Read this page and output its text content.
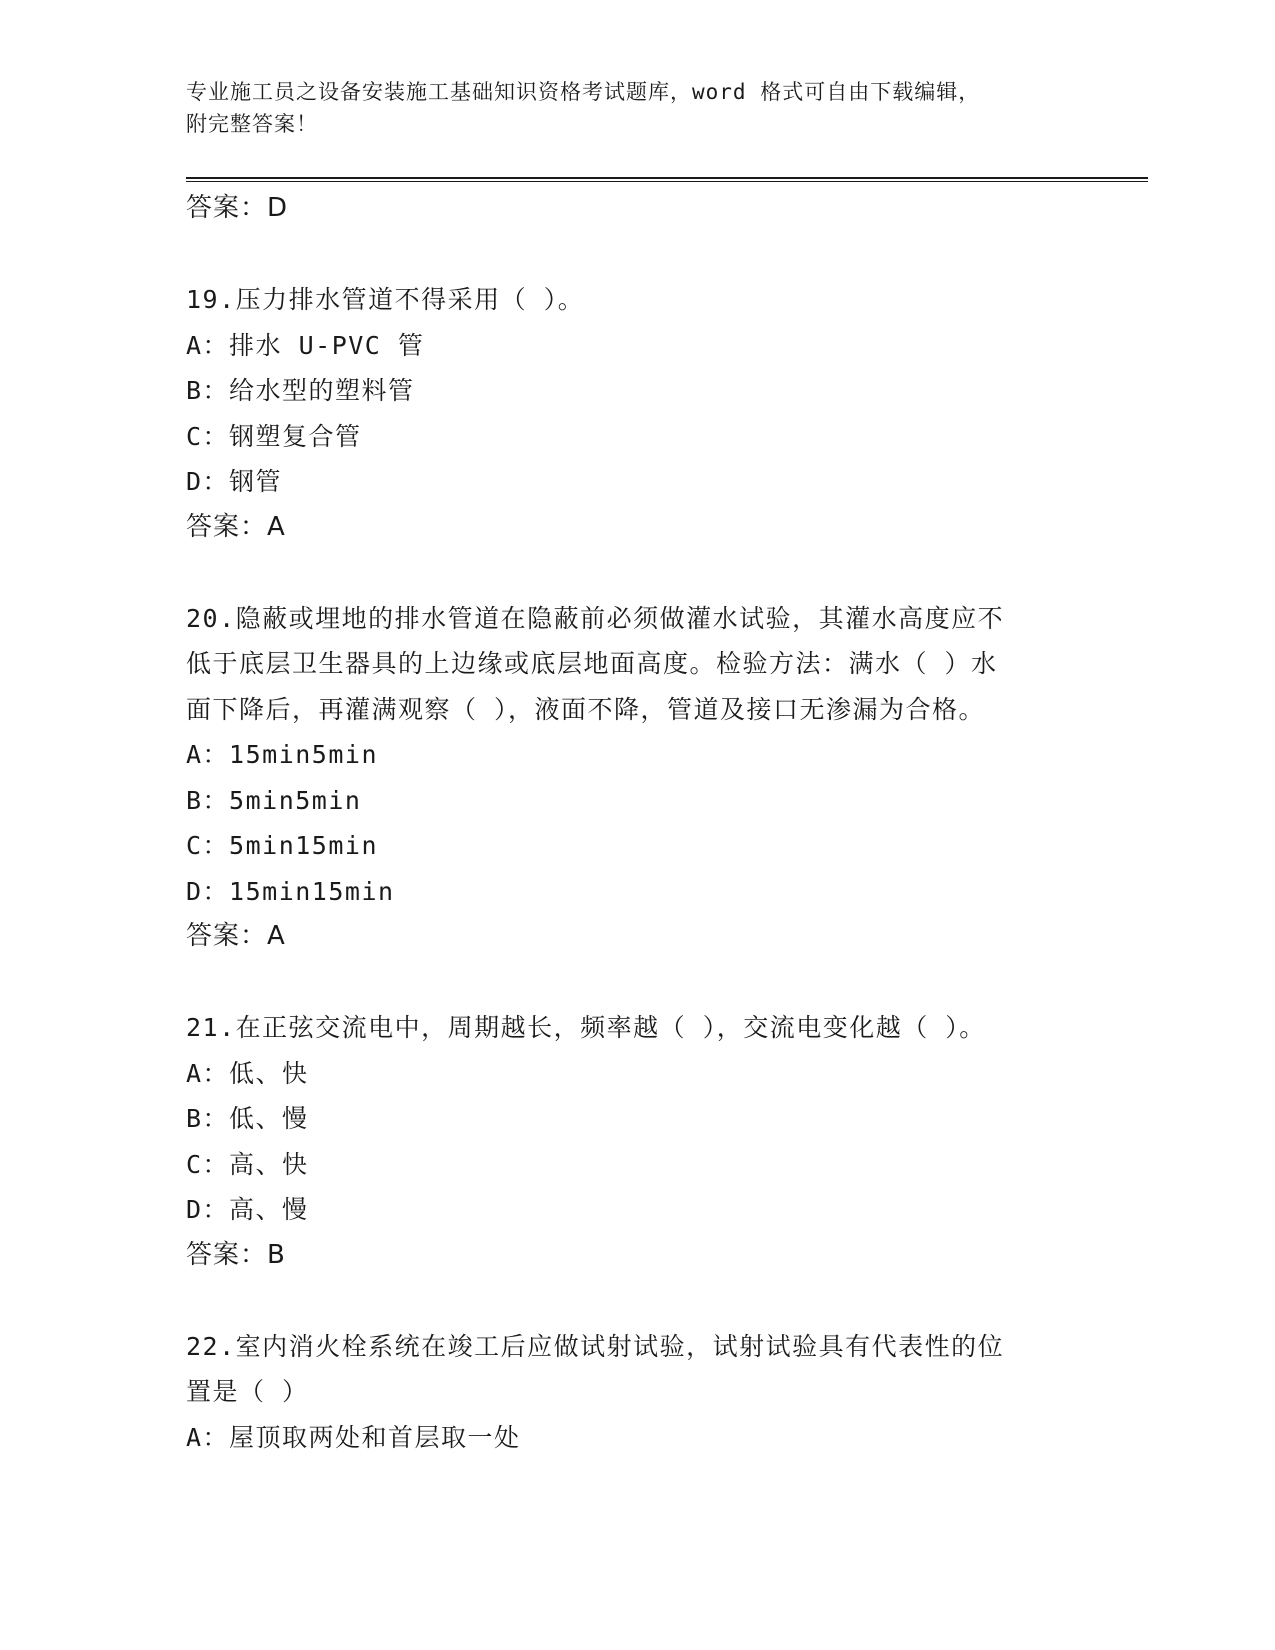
专业施工员之设备安装施工基础知识资格考试题库，word 格式可自由下载编辑，
附完整答案！
答案：D
19.压力排水管道不得采用（ ）。
A：排水 U-PVC 管
B：给水型的塑料管
C：钢塑复合管
D：钢管
答案：A
20.隐蔽或埋地的排水管道在隐蔽前必须做灌水试验，其灌水高度应不
低于底层卫生器具的上边缘或底层地面高度。检验方法：满水（ ）水
面下降后，再灌满观察（ ），液面不降，管道及接口无渗漏为合格。
A：15min5min
B：5min5min
C：5min15min
D：15min15min
答案：A
21.在正弦交流电中，周期越长，频率越（ ），交流电变化越（ ）。
A：低、快
B：低、慢
C：高、快
D：高、慢
答案：B
22.室内消火栓系统在竣工后应做试射试验，试射试验具有代表性的位
置是（ ）
A：屋顶取两处和首层取一处
